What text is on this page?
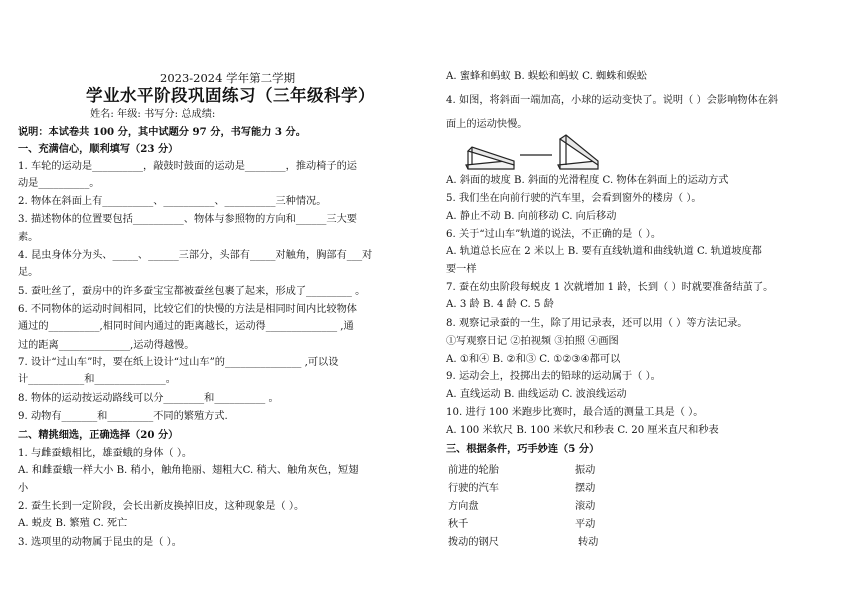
2023-2024 学年第二学期
学业水平阶段巩固练习（三年级科学）
姓名: 年级: 书写分: 总成绩:
说明：本试卷共 100 分，其中试题分 97 分，书写能力 3 分。
一、充满信心，顺利填写（23 分）
1. 车轮的运动是__________，敲鼓时鼓面的运动是________，推动椅子的运
动是__________。
2. 物体在斜面上有__________、__________、__________三种情况。
3. 描述物体的位置要包括__________、物体与参照物的方向和______三大要
素。
4. 昆虫身体分为头、_____、______三部分，头部有_____对触角，胸部有___对
足。
5. 蚕吐丝了，蚕房中的许多蚕宝宝都被蚕丝包裹了起来，形成了_________ 。
6. 不同物体的运动时间相同，比较它们的快慢的方法是相同时间内比较物体
通过的__________,相同时间内通过的距离越长，运动得______________ ,通
过的距离______________,运动得越慢。
7. 设计“过山车”时，要在纸上设计“过山车”的_______________ ,可以设
计___________和______________。
8. 物体的运动按运动路线可以分________和__________ 。
9. 动物有_______和_________不同的繁殖方式.
二、精挑细选，正确选择（20 分）
1. 与雌蚕蛾相比，雄蚕蛾的身体（ ）。
A. 和雌蚕蛾一样大小 B. 稍小，触角艳丽、翅粗大C. 稍大、触角灰色，短翅
小
2. 蚕生长到一定阶段，会长出新皮换掉旧皮，这种现象是（ ）。
A. 蜕皮 B. 繁殖 C. 死亡
3. 选项里的动物属于昆虫的是（ ）。
A. 蜜蜂和蚂蚁 B. 蜈蚣和蚂蚁 C. 蜘蛛和蜈蚣
4. 如图，将斜面一端加高，小球的运动变快了。说明（ ）会影响物体在斜
面上的运动快慢。
A. 斜面的坡度 B. 斜面的光滑程度 C. 物体在斜面上的运动方式
5. 我们坐在向前行驶的汽车里，会看到窗外的楼房（ ）。
A. 静止不动 B. 向前移动 C. 向后移动
6. 关于“过山车”轨道的说法，不正确的是（ ）。
A. 轨道总长应在 2 米以上 B. 要有直线轨道和曲线轨道 C. 轨道坡度都
要一样
7. 蚕在幼虫阶段每蜕皮 1 次就增加 1 龄，长到（ ）时就要准备结茧了。
A. 3 龄 B. 4 龄 C. 5 龄
8. 观察记录蚕的一生，除了用记录表，还可以用（ ）等方法记录。
①写观察日记 ②拍视频 ③拍照 ④画图
A. ①和④ B. ②和③ C. ①②③④都可以
9. 运动会上，投掷出去的铅球的运动属于（ ）。
A. 直线运动 B. 曲线运动 C. 波浪线运动
10. 进行 100 米跑步比赛时，最合适的测量工具是（ ）。
A. 100 米软尺 B. 100 米软尺和秒表 C. 20 厘米直尺和秒表
三、根据条件，巧手妙连（5 分）
前进的轮胎	振动
行驶的汽车	摆动
方向盘	滚动
秋千	平动
拨动的钢尺	转动
